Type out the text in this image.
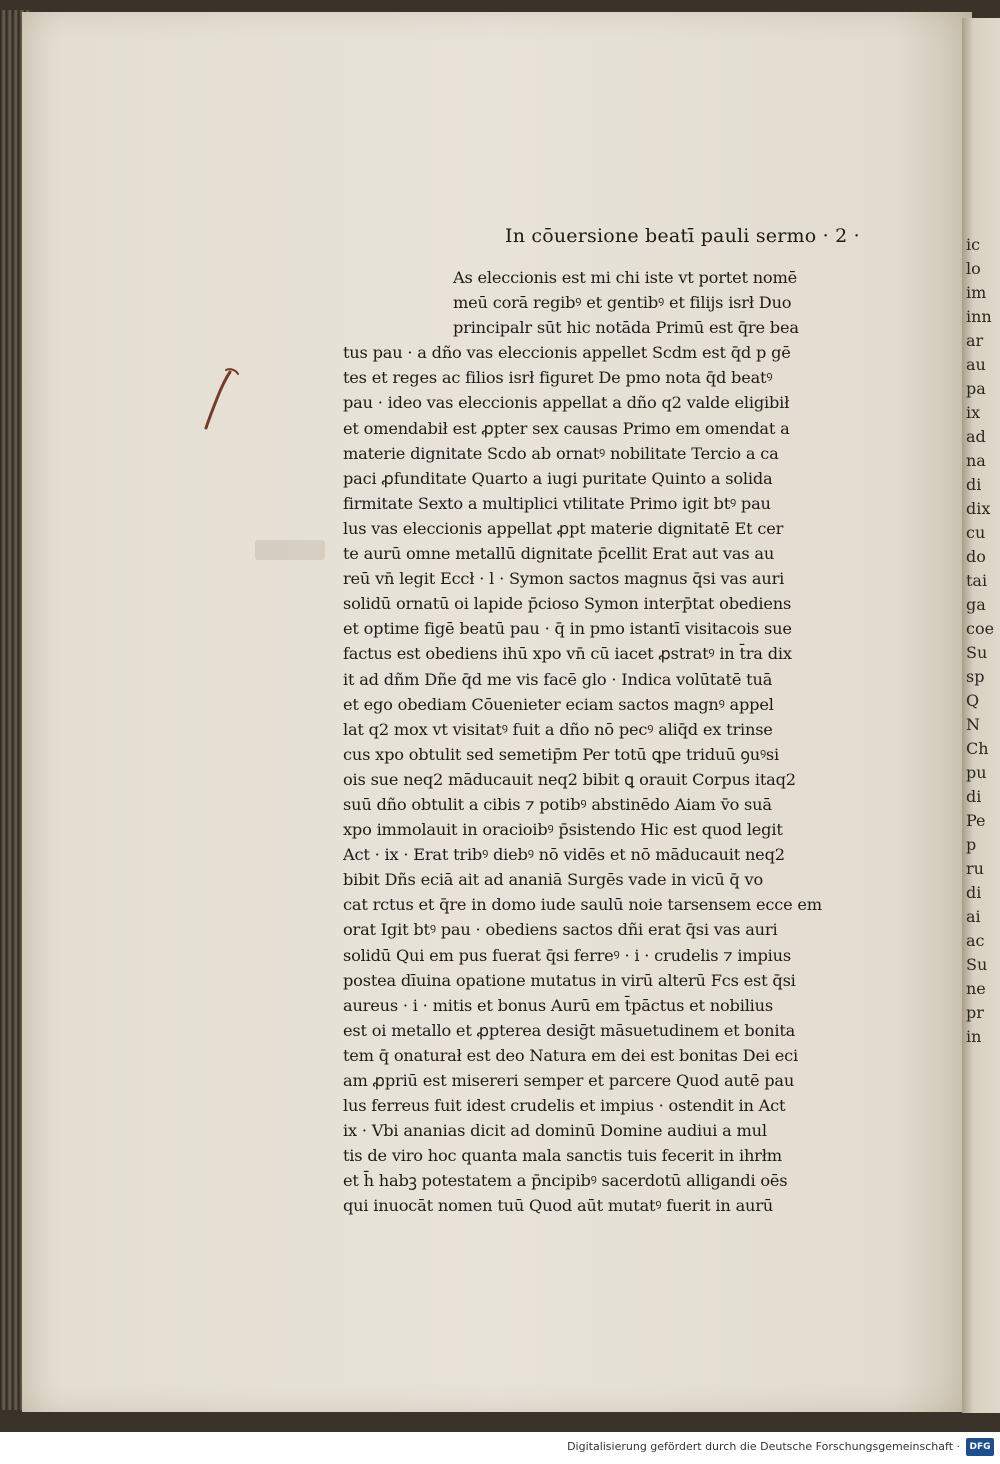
ic
lo
im
inn
ar
au
pa
ix
ad
na
di
dix
cu
do
tai
ga
coe
Su
sp
Q
N
Ch
pu
di
Pe
p
ru
di
ai
ac
Su
ne
pr
in
In cōuersione beatī pauli sermo · 2 ·
As eleccionis est mi chi iste vt portet nomē
meū corā regibꝰ et gentibꝰ et filijs isrł Duo
principalr sūt hic notāda Primū est q̄re bea
tus pau · a dño vas eleccionis appellet Scdm est q̄d p gē
tes et reges ac filios isrł figuret De pmo nota q̄d beatꝰ
pau · ideo vas eleccionis appellat a dño q2 valde eligibił
et omendabił est ꝓpter sex causas Primo em omendat a
materie dignitate Scdo ab ornatꝰ nobilitate Tercio a ca
paci ꝓfunditate Quarto a iugi puritate Quinto a solida
firmitate Sexto a multiplici vtilitate Primo igit btꝰ pau
lus vas eleccionis appellat ꝓpt materie dignitatē Et cer
te aurū omne metallū dignitate p̄cellit Erat aut vas au
reū vn̄ legit Eccł · l · Symon sactos magnus q̄si vas auri
solidū ornatū oi lapide p̄cioso Symon interp̄tat obediens
et optime figē beatū pau · q̄ in pmo istantī visitacois sue
factus est obediens ihū xpo vn̄ cū iacet ꝓstratꝰ in t̄ra dix
it ad dñm Dñe q̄d me vis facē glo · Indica volūtatē tuā
et ego obediam Cōuenieter eciam sactos magnꝰ appel
lat q2 mox vt visitatꝰ fuit a dño nō pecꝰ aliq̄d ex trinse
cus xpo obtulit sed semetip̄m Per totū ꝗpe triduū ꝯuꝰsi
ois sue neq2 māducauit neq2 bibit ꝗ orauit Corpus itaq2
suū dño obtulit a cibis ⁊ potibꝰ abstinēdo Aiam v̄o suā
xpo immolauit in oracioibꝰ p̄sistendo Hic est quod legit
Act · ix · Erat tribꝰ diebꝰ nō vidēs et nō māducauit neq2
bibit Dñs eciā ait ad ananiā Surgēs vade in vicū q̄ vo
cat rctus et q̄re in domo iude saulū noie tarsensem ecce em
orat Igit btꝰ pau · obediens sactos dñi erat q̄si vas auri
solidū Qui em pus fuerat q̄si ferreꝰ · i · crudelis ⁊ impius
postea dīuina opatione mutatus in virū alterū Fcs est q̄si
aureus · i · mitis et bonus Aurū em t̄pāctus et nobilius
est oi metallo et ꝓpterea desiḡt māsuetudinem et bonita
tem q̄ onaturał est deo Natura em dei est bonitas Dei eci
am ꝓpriū est misereri semper et parcere Quod autē pau
lus ferreus fuit idest crudelis et impius · ostendit in Act
ix · Vbi ananias dicit ad dominū Domine audiui a mul
tis de viro hoc quanta mala sanctis tuis fecerit in ihrłm
et h̄ habꝫ potestatem a p̄ncipibꝰ sacerdotū alligandi oēs
qui inuocāt nomen tuū Quod aūt mutatꝰ fuerit in aurū
Digitalisierung gefördert durch die Deutsche Forschungsgemeinschaft ·	DFG
